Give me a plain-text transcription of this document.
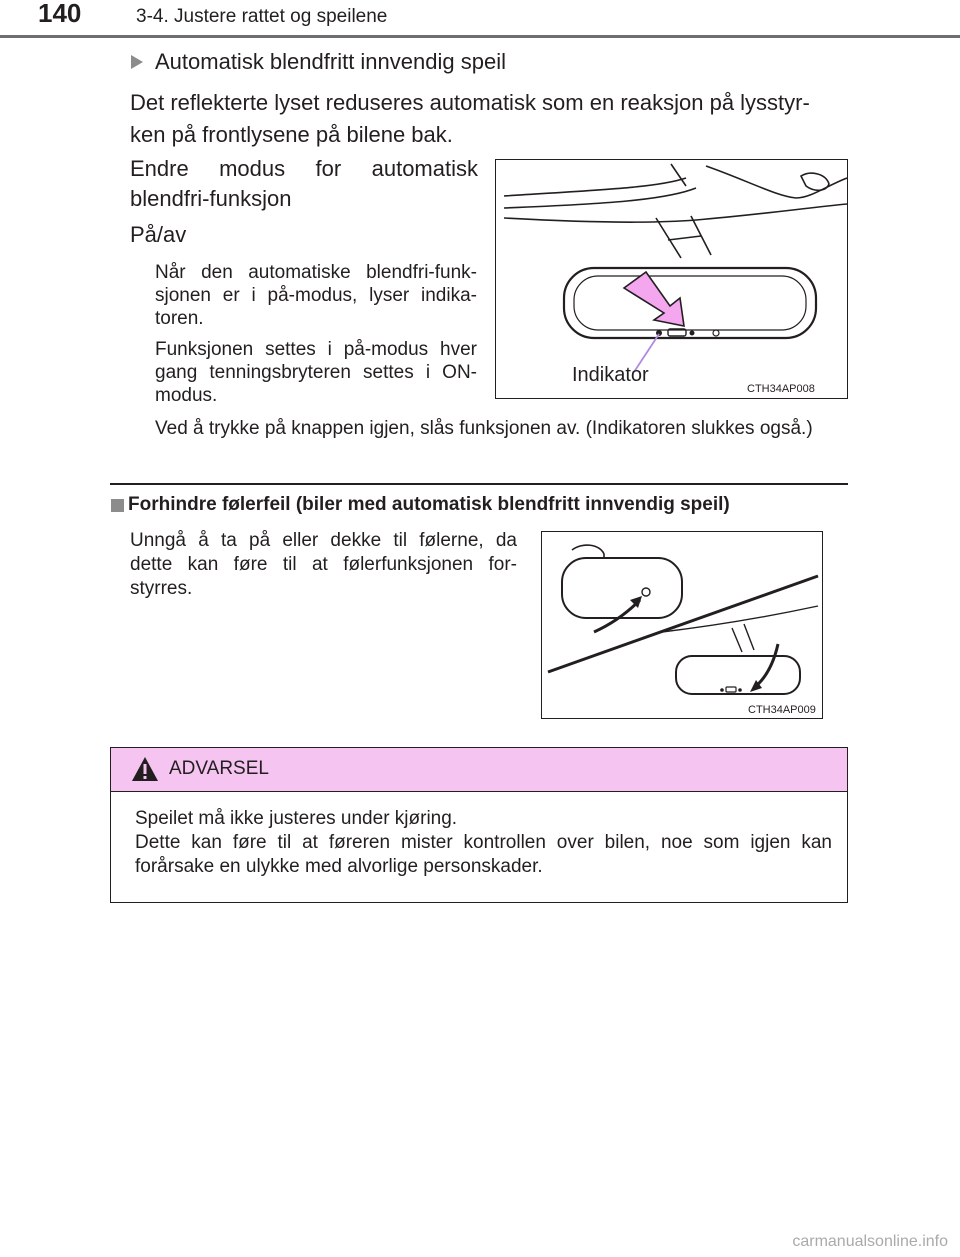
140	3-4. Justere rattet og speilene
Automatisk blendfritt innvendig speil
Det reflekterte lyset reduseres automatisk som en reaksjon på lysstyr-
ken på frontlysene på bilene bak.
Endre modus for automatisk
blendfri-funksjon
På/av
Når den automatiske blendfri-funk-
sjonen er i på-modus, lyser indika-
toren.
Funksjonen settes i på-modus hver
gang tenningsbryteren settes i ON-
modus.
Ved å trykke på knappen igjen, slås funksjonen av. (Indikatoren slukkes også.)
Indikator
CTH34AP008
Forhindre følerfeil (biler med automatisk blendfritt innvendig speil)
Unngå å ta på eller dekke til følerne, da
dette kan føre til at følerfunksjonen for-
styrres.
CTH34AP009
ADVARSEL
Speilet må ikke justeres under kjøring.
Dette kan føre til at føreren mister kontrollen over bilen, noe som igjen kan
forårsake en ulykke med alvorlige personskader.
carmanualsonline.info
